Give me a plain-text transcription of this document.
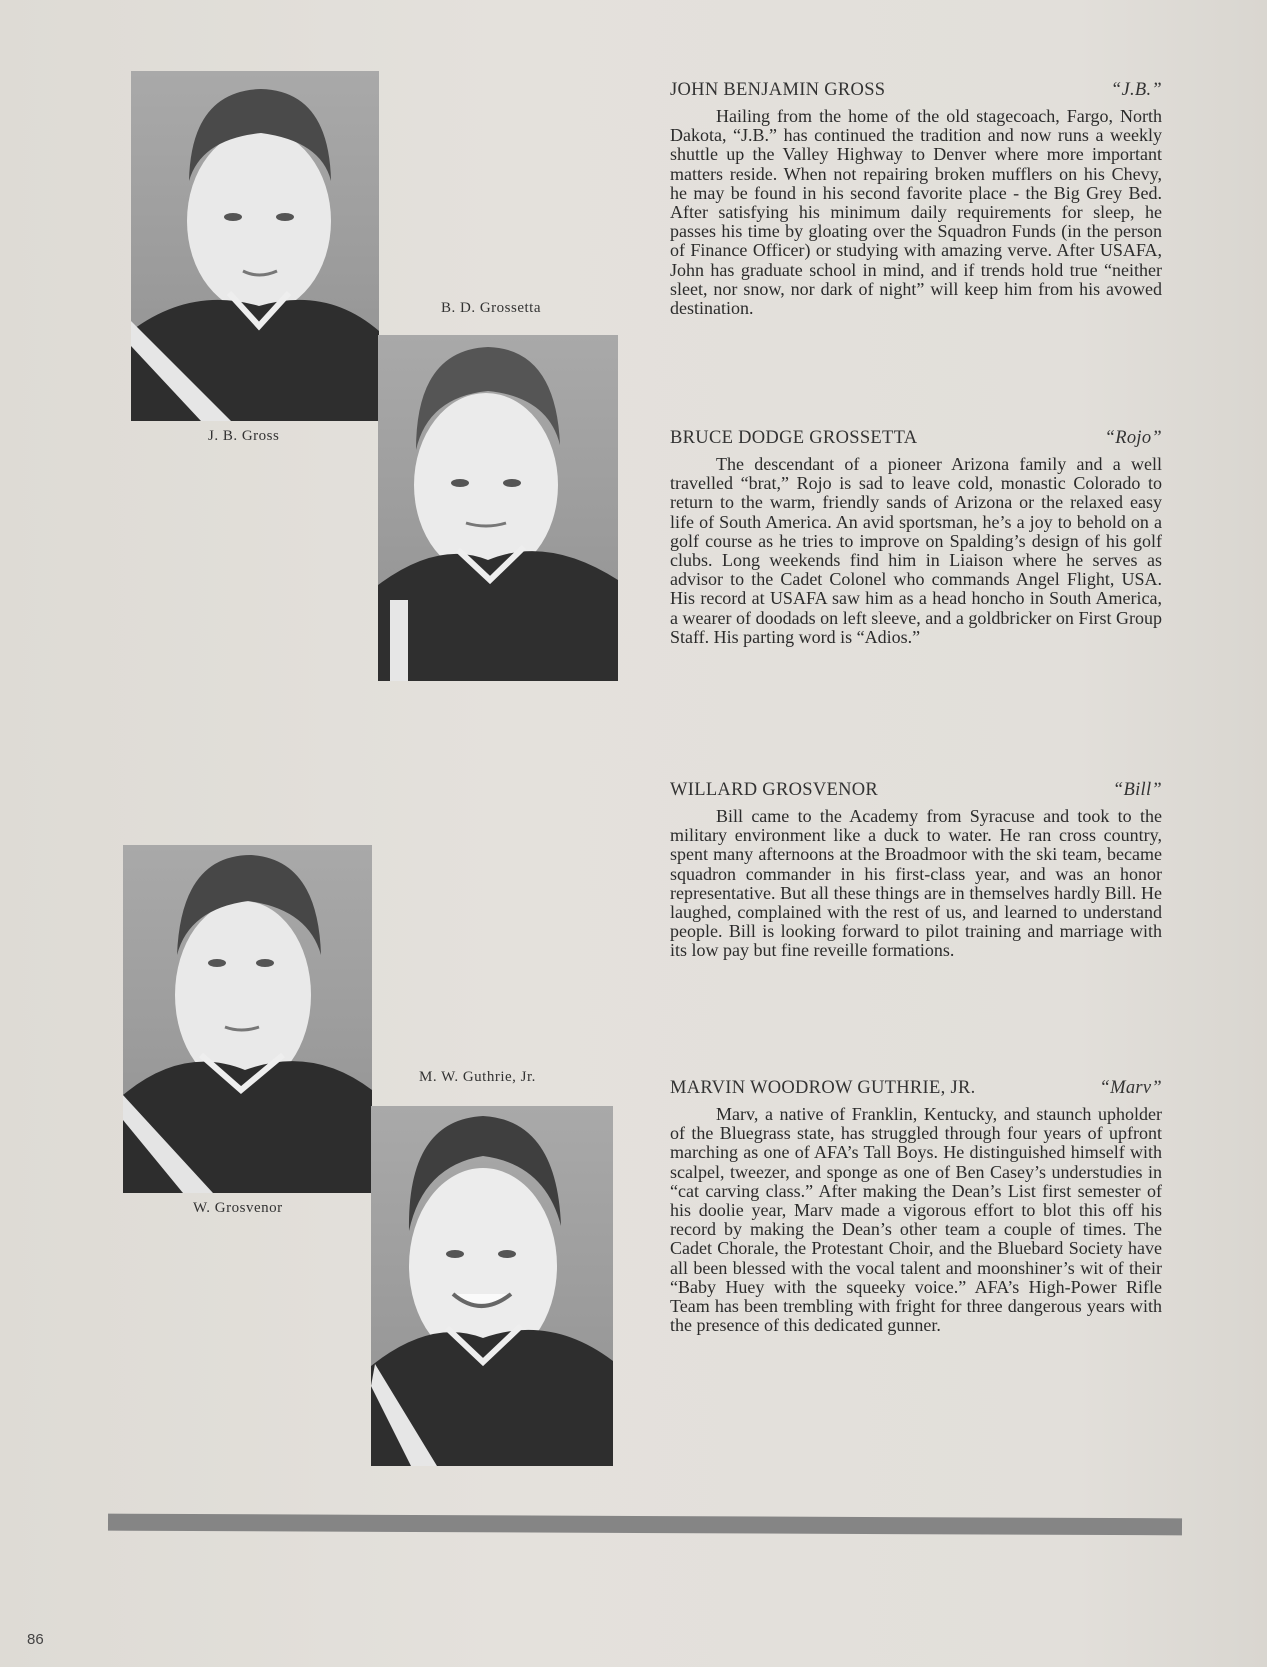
J. B. Gross
B. D. Grossetta
W. Grosvenor
M. W. Guthrie, Jr.
JOHN BENJAMIN GROSS	“J.B.”

Hailing from the home of the old stagecoach, Fargo, North Dakota, “J.B.” has continued the tradition and now runs a weekly shuttle up the Valley Highway to Denver where more important matters reside. When not repairing broken mufflers on his Chevy, he may be found in his second favorite place - the Big Grey Bed. After satisfying his minimum daily requirements for sleep, he passes his time by gloating over the Squadron Funds (in the person of Finance Officer) or studying with amazing verve. After USAFA, John has graduate school in mind, and if trends hold true “neither sleet, nor snow, nor dark of night” will keep him from his avowed destination.

BRUCE DODGE GROSSETTA	“Rojo”

The descendant of a pioneer Arizona family and a well travelled “brat,” Rojo is sad to leave cold, monastic Colorado to return to the warm, friendly sands of Arizona or the relaxed easy life of South America. An avid sportsman, he’s a joy to behold on a golf course as he tries to improve on Spalding’s design of his golf clubs. Long weekends find him in Liaison where he serves as advisor to the Cadet Colonel who commands Angel Flight, USA. His record at USAFA saw him as a head honcho in South America, a wearer of doodads on left sleeve, and a goldbricker on First Group Staff. His parting word is “Adios.”

WILLARD GROSVENOR	“Bill”

Bill came to the Academy from Syracuse and took to the military environment like a duck to water. He ran cross country, spent many afternoons at the Broadmoor with the ski team, became squadron commander in his first-class year, and was an honor representative. But all these things are in themselves hardly Bill. He laughed, complained with the rest of us, and learned to understand people. Bill is looking forward to pilot training and marriage with its low pay but fine reveille formations.

MARVIN WOODROW GUTHRIE, JR.	“Marv”

Marv, a native of Franklin, Kentucky, and staunch upholder of the Bluegrass state, has struggled through four years of upfront marching as one of AFA’s Tall Boys. He distinguished himself with scalpel, tweezer, and sponge as one of Ben Casey’s understudies in “cat carving class.” After making the Dean’s List first semester of his doolie year, Marv made a vigorous effort to blot this off his record by making the Dean’s other team a couple of times. The Cadet Chorale, the Protestant Choir, and the Bluebard Society have all been blessed with the vocal talent and moonshiner’s wit of their “Baby Huey with the squeeky voice.” AFA’s High-Power Rifle Team has been trembling with fright for three dangerous years with the presence of this dedicated gunner.

86
